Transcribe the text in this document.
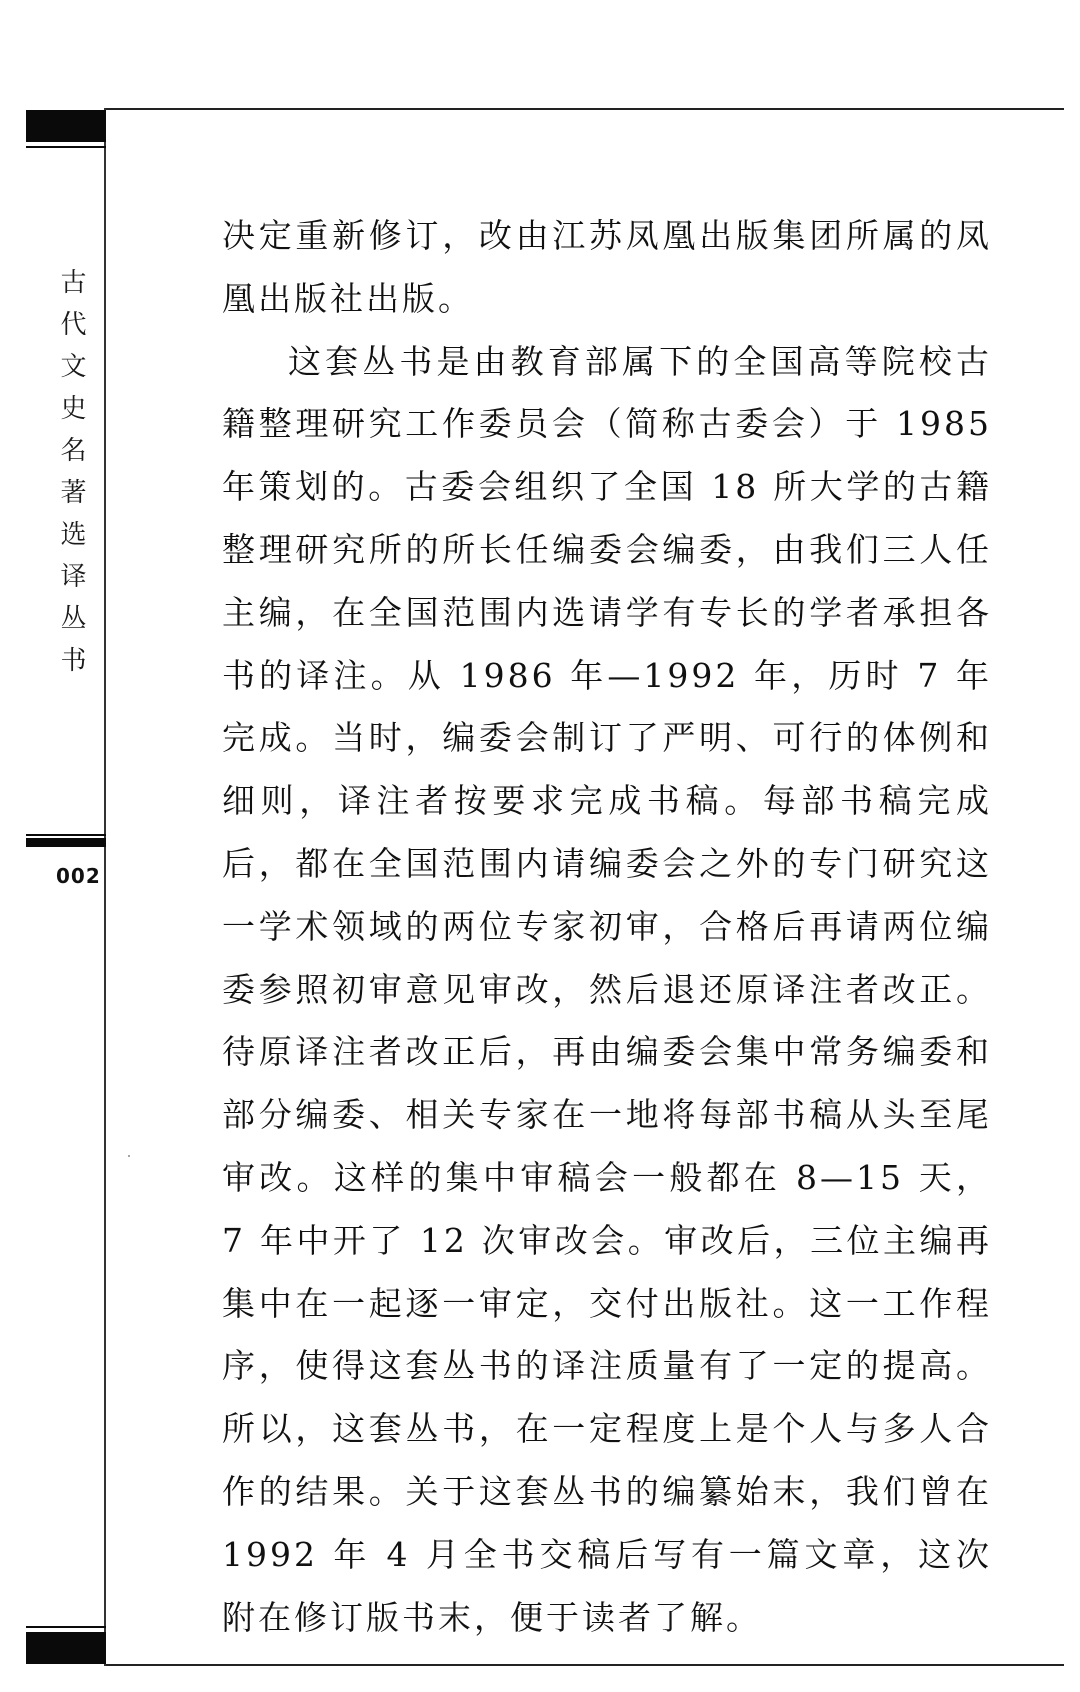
古代文史名著选译丛书
002

决定重新修订，改由江苏凤凰出版集团所属的凤凰出版社出版。

这套丛书是由教育部属下的全国高等院校古籍整理研究工作委员会（简称古委会）于 1985 年策划的。古委会组织了全国 18 所大学的古籍整理研究所的所长任编委会编委，由我们三人任主编，在全国范围内选请学有专长的学者承担各书的译注。从 1986 年—1992 年，历时 7 年完成。当时，编委会制订了严明、可行的体例和细则，译注者按要求完成书稿。每部书稿完成后，都在全国范围内请编委会之外的专门研究这一学术领域的两位专家初审，合格后再请两位编委参照初审意见审改，然后退还原译注者改正。待原译注者改正后，再由编委会集中常务编委和部分编委、相关专家在一地将每部书稿从头至尾审改。这样的集中审稿会一般都在 8—15 天，7 年中开了 12 次审改会。审改后，三位主编再集中在一起逐一审定，交付出版社。这一工作程序，使得这套丛书的译注质量有了一定的提高。所以，这套丛书，在一定程度上是个人与多人合作的结果。关于这套丛书的编纂始末，我们曾在 1992 年 4 月全书交稿后写有一篇文章，这次附在修订版书末，便于读者了解。
